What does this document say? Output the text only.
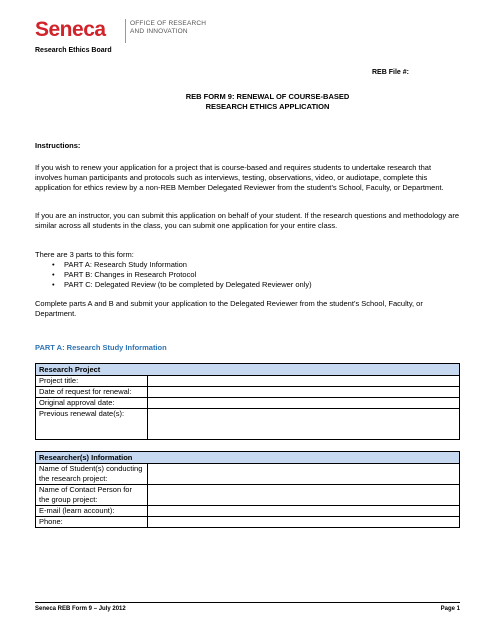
Seneca	OFFICE OF RESEARCH
AND INNOVATION
Research Ethics Board
REB File #:
REB FORM 9: RENEWAL OF COURSE-BASED
RESEARCH ETHICS APPLICATION
Instructions:
If you wish to renew your application for a project that is course-based and requires students to undertake research that involves human participants and protocols such as interviews, testing, observations, video, or audiotape, complete this application for ethics review by a non-REB Member Delegated Reviewer from the student’s School, Faculty, or Department.
If you are an instructor, you can submit this application on behalf of your student. If the research questions and methodology are similar across all students in the class, you can submit one application for your entire class.
There are 3 parts to this form:
• PART A: Research Study Information
• PART B: Changes in Research Protocol
• PART C: Delegated Review (to be completed by Delegated Reviewer only)
Complete parts A and B and submit your application to the Delegated Reviewer from the student’s School, Faculty, or Department.
PART A: Research Study Information
Research Project
Project title:
Date of request for renewal:
Original approval date:
Previous renewal date(s):
Researcher(s) Information
Name of Student(s) conducting the research project:
Name of Contact Person for the group project:
E-mail (learn account):
Phone:
Seneca REB Form 9 – July 2012	Page 1
